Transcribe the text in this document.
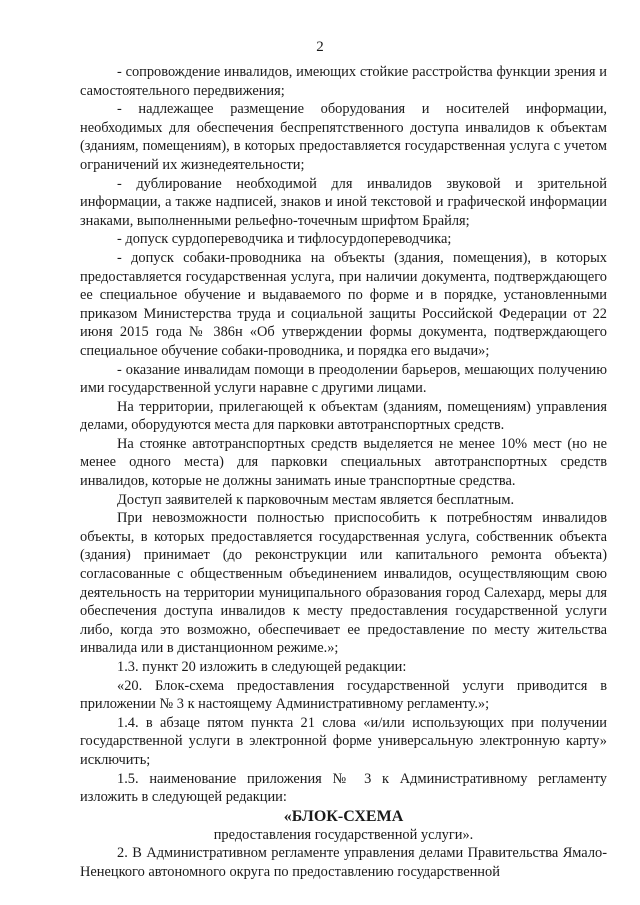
2

- сопровождение инвалидов, имеющих стойкие расстройства функции зрения и самостоятельного передвижения;

- надлежащее размещение оборудования и носителей информации, необходимых для обеспечения беспрепятственного доступа инвалидов к объектам (зданиям, помещениям), в которых предоставляется государственная услуга с учетом ограничений их жизнедеятельности;

- дублирование необходимой для инвалидов звуковой и зрительной информации, а также надписей, знаков и иной текстовой и графической информации знаками, выполненными рельефно-точечным шрифтом Брайля;

- допуск сурдопереводчика и тифлосурдопереводчика;

- допуск собаки-проводника на объекты (здания, помещения), в которых предоставляется государственная услуга, при наличии документа, подтверждающего ее специальное обучение и выдаваемого по форме и в порядке, установленными приказом Министерства труда и социальной защиты Российской Федерации от 22 июня 2015 года № 386н «Об утверждении формы документа, подтверждающего специальное обучение собаки-проводника, и порядка его выдачи»;

- оказание инвалидам помощи в преодолении барьеров, мешающих получению ими государственной услуги наравне с другими лицами.

На территории, прилегающей к объектам (зданиям, помещениям) управления делами, оборудуются места для парковки автотранспортных средств.

На стоянке автотранспортных средств выделяется не менее 10% мест (но не менее одного места) для парковки специальных автотранспортных средств инвалидов, которые не должны занимать иные транспортные средства.

Доступ заявителей к парковочным местам является бесплатным.

При невозможности полностью приспособить к потребностям инвалидов объекты, в которых предоставляется государственная услуга, собственник объекта (здания) принимает (до реконструкции или капитального ремонта объекта) согласованные с общественным объединением инвалидов, осуществляющим свою деятельность на территории муниципального образования город Салехард, меры для обеспечения доступа инвалидов к месту предоставления государственной услуги либо, когда это возможно, обеспечивает ее предоставление по месту жительства инвалида или в дистанционном режиме.»;

1.3. пункт 20 изложить в следующей редакции:

«20. Блок-схема предоставления государственной услуги приводится в приложении № 3 к настоящему Административному регламенту.»;

1.4. в абзаце пятом пункта 21 слова «и/или использующих при получении государственной услуги в электронной форме универсальную электронную карту» исключить;

1.5. наименование приложения № 3 к Административному регламенту изложить в следующей редакции:

«БЛОК-СХЕМА

предоставления государственной услуги».

2. В Административном регламенте управления делами Правительства Ямало-Ненецкого автономного округа по предоставлению государственной
